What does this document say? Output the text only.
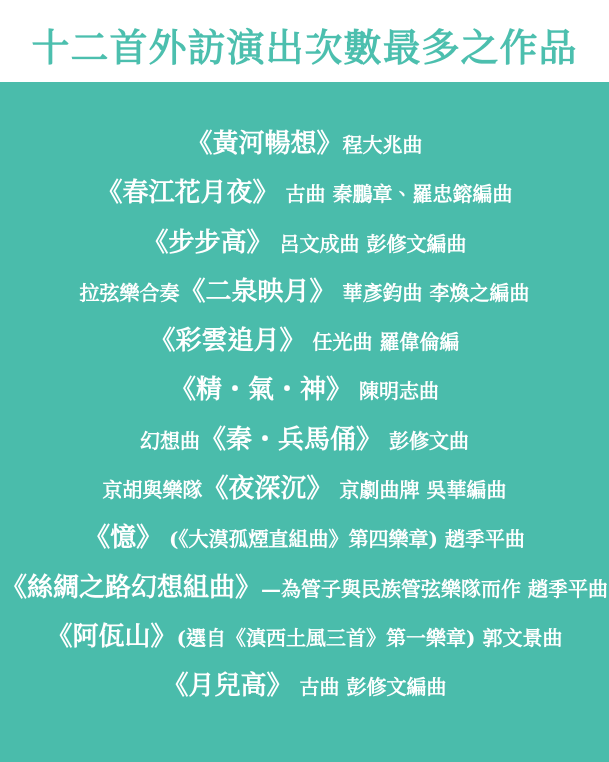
十二首外訪演出次數最多之作品
《黃河暢想》程大兆曲
《春江花月夜》 古曲 秦鵬章、羅忠鎔編曲
《步步高》 呂文成曲 彭修文編曲
拉弦樂合奏《二泉映月》 華彥鈞曲 李煥之編曲
《彩雲追月》 任光曲 羅偉倫編
《精・氣・神》 陳明志曲
幻想曲《秦・兵馬俑》 彭修文曲
京胡與樂隊《夜深沉》 京劇曲牌 吳華編曲
《憶》 (《大漠孤煙直組曲》第四樂章) 趙季平曲
《絲綢之路幻想組曲》—為管子與民族管弦樂隊而作 趙季平曲
《阿佤山》(選自《滇西土風三首》第一樂章) 郭文景曲
《月兒高》 古曲 彭修文編曲
